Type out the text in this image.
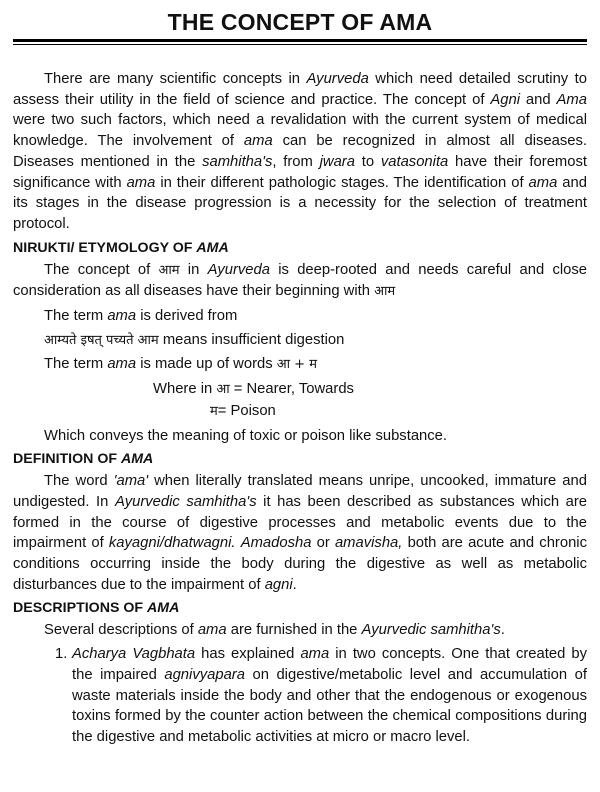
THE CONCEPT OF AMA

There are many scientific concepts in Ayurveda which need detailed scrutiny to assess their utility in the field of science and practice. The concept of Agni and Ama were two such factors, which need a revalidation with the current system of medical knowledge. The involvement of ama can be recognized in almost all diseases. Diseases mentioned in the samhitha's, from jwara to vatasonita have their foremost significance with ama in their different pathologic stages. The identification of ama and its stages in the disease progression is a necessity for the selection of treatment protocol.

NIRUKTI/ ETYMOLOGY OF AMA

The concept of आम in Ayurveda is deep-rooted and needs careful and close consideration as all diseases have their beginning with आम

The term ama is derived from
आम्यते इषत् पच्यते आम means insufficient digestion
The term ama is made up of words आ + म
Where in आ = Nearer, Towards
म= Poison
Which conveys the meaning of toxic or poison like substance.
DEFINITION OF AMA

The word 'ama' when literally translated means unripe, uncooked, immature and undigested. In Ayurvedic samhitha's it has been described as substances which are formed in the course of digestive processes and metabolic events due to the impairment of kayagni/dhatwagni. Amadosha or amavisha, both are acute and chronic conditions occurring inside the body during the digestive as well as metabolic disturbances due to the impairment of agni.

DESCRIPTIONS OF AMA
Several descriptions of ama are furnished in the Ayurvedic samhitha's.

1. Acharya Vagbhata has explained ama in two concepts. One that created by the impaired agnivyapara on digestive/metabolic level and accumulation of waste materials inside the body and other that the endogenous or exogenous toxins formed by the counter action between the chemical compositions during the digestive and metabolic activities at micro or macro level.
